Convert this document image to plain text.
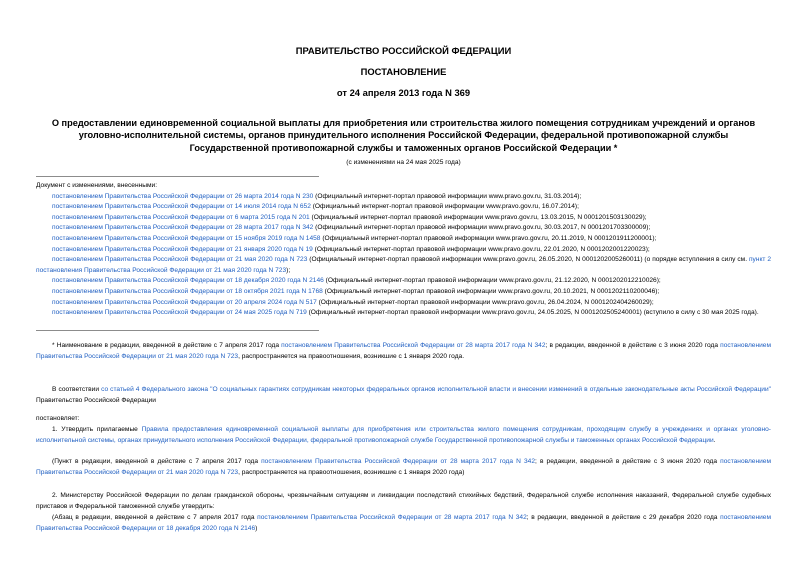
ПРАВИТЕЛЬСТВО РОССИЙСКОЙ ФЕДЕРАЦИИ
ПОСТАНОВЛЕНИЕ
от 24 апреля 2013 года N 369
О предоставлении единовременной социальной выплаты для приобретения или строительства жилого помещения сотрудникам учреждений и органов уголовно-исполнительной системы, органов принудительного исполнения Российской Федерации, федеральной противопожарной службы Государственной противопожарной службы и таможенных органов Российской Федерации *
(с изменениями на 24 мая 2025 года)

Документ с изменениями, внесенными:

постановлением Правительства Российской Федерации от 26 марта 2014 года N 230 (Официальный интернет-портал правовой информации www.pravo.gov.ru, 31.03.2014);

постановлением Правительства Российской Федерации от 14 июля 2014 года N 652 (Официальный интернет-портал правовой информации www.pravo.gov.ru, 16.07.2014);

постановлением Правительства Российской Федерации от 6 марта 2015 года N 201 (Официальный интернет-портал правовой информации www.pravo.gov.ru, 13.03.2015, N 0001201503130029);

постановлением Правительства Российской Федерации от 28 марта 2017 года N 342 (Официальный интернет-портал правовой информации www.pravo.gov.ru, 30.03.2017, N 0001201703300009);

постановлением Правительства Российской Федерации от 15 ноября 2019 года N 1458 (Официальный интернет-портал правовой информации www.pravo.gov.ru, 20.11.2019, N 0001201911200001);

постановлением Правительства Российской Федерации от 21 января 2020 года N 19 (Официальный интернет-портал правовой информации www.pravo.gov.ru, 22.01.2020, N 0001202001220023);

постановлением Правительства Российской Федерации от 21 мая 2020 года N 723 (Официальный интернет-портал правовой информации www.pravo.gov.ru, 26.05.2020, N 0001202005260011) (о порядке вступления в силу см. пункт 2 постановления Правительства Российской Федерации от 21 мая 2020 года N 723);

постановлением Правительства Российской Федерации от 18 декабря 2020 года N 2146 (Официальный интернет-портал правовой информации www.pravo.gov.ru, 21.12.2020, N 0001202012210026);

постановлением Правительства Российской Федерации от 18 октября 2021 года N 1768 (Официальный интернет-портал правовой информации www.pravo.gov.ru, 20.10.2021, N 0001202110200046);

постановлением Правительства Российской Федерации от 20 апреля 2024 года N 517 (Официальный интернет-портал правовой информации www.pravo.gov.ru, 26.04.2024, N 0001202404260029);

постановлением Правительства Российской Федерации от 24 мая 2025 года N 719 (Официальный интернет-портал правовой информации www.pravo.gov.ru, 24.05.2025, N 0001202505240001) (вступило в силу с 30 мая 2025 года).

* Наименование в редакции, введенной в действие с 7 апреля 2017 года постановлением Правительства Российской Федерации от 28 марта 2017 года N 342; в редакции, введенной в действие с 3 июня 2020 года постановлением Правительства Российской Федерации от 21 мая 2020 года N 723, распространяется на правоотношения, возникшие с 1 января 2020 года.
В соответствии со статьей 4 Федерального закона "О социальных гарантиях сотрудникам некоторых федеральных органов исполнительной власти и внесении изменений в отдельные законодательные акты Российской Федерации" Правительство Российской Федерации
постановляет:
1. Утвердить прилагаемые Правила предоставления единовременной социальной выплаты для приобретения или строительства жилого помещения сотрудникам, проходящим службу в учреждениях и органах уголовно-исполнительной системы, органах принудительного исполнения Российской Федерации, федеральной противопожарной службе Государственной противопожарной службы и таможенных органах Российской Федерации.
(Пункт в редакции, введенной в действие с 7 апреля 2017 года постановлением Правительства Российской Федерации от 28 марта 2017 года N 342; в редакции, введенной в действие с 3 июня 2020 года постановлением Правительства Российской Федерации от 21 мая 2020 года N 723, распространяется на правоотношения, возникшие с 1 января 2020 года)
2. Министерству Российской Федерации по делам гражданской обороны, чрезвычайным ситуациям и ликвидации последствий стихийных бедствий, Федеральной службе исполнения наказаний, Федеральной службе судебных приставов и Федеральной таможенной службе утвердить:
(Абзац в редакции, введенной в действие с 7 апреля 2017 года постановлением Правительства Российской Федерации от 28 марта 2017 года N 342; в редакции, введенной в действие с 29 декабря 2020 года постановлением Правительства Российской Федерации от 18 декабря 2020 года N 2146)
